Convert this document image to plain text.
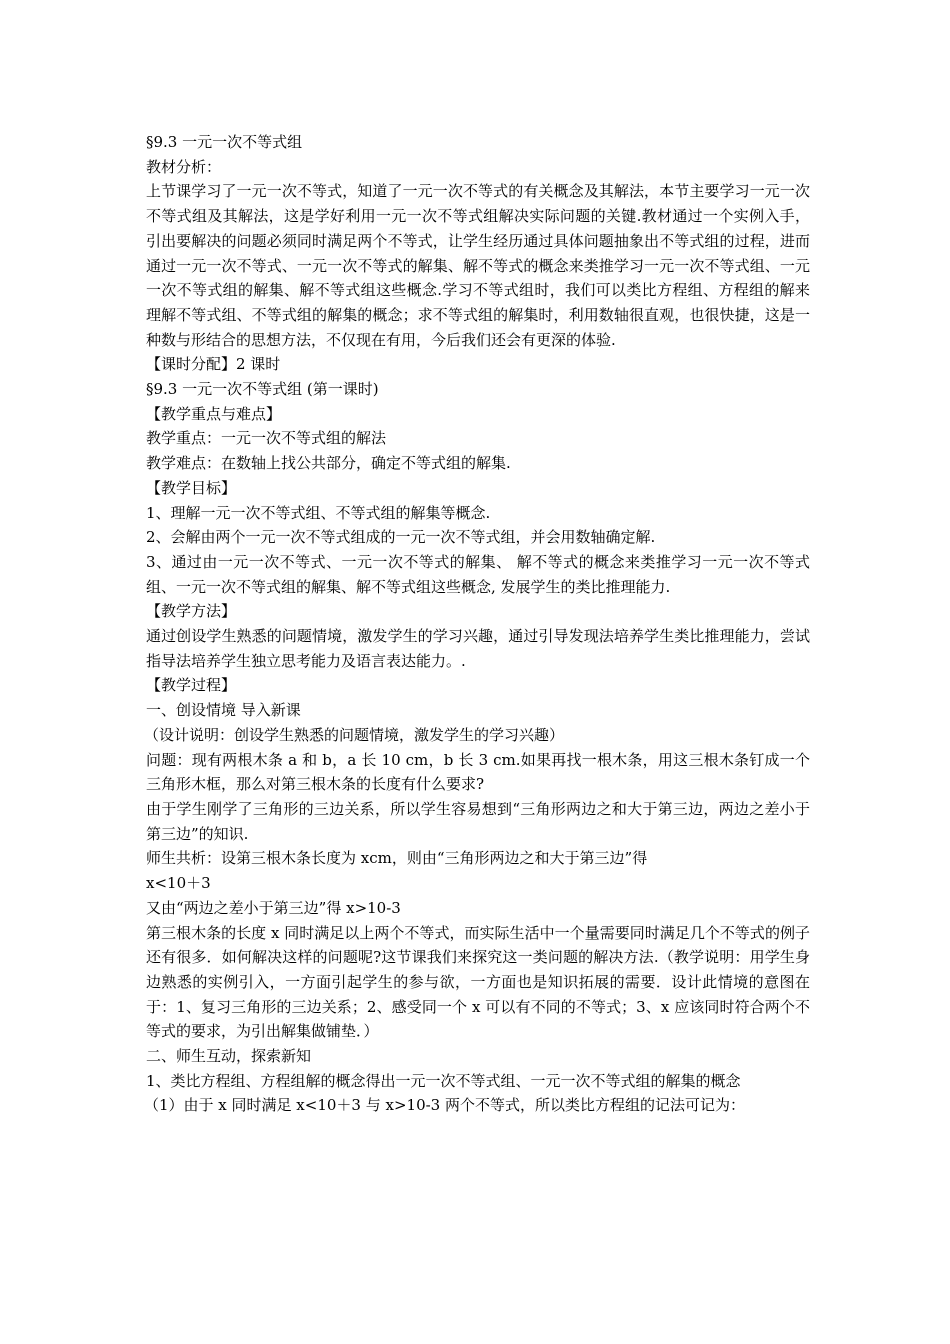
§9.3 一元一次不等式组

教材分析：

上节课学习了一元一次不等式，知道了一元一次不等式的有关概念及其解法，本节主要学习一元一次不等式组及其解法，这是学好利用一元一次不等式组解决实际问题的关键.教材通过一个实例入手，引出要解决的问题必须同时满足两个不等式，让学生经历通过具体问题抽象出不等式组的过程，进而通过一元一次不等式、一元一次不等式的解集、解不等式的概念来类推学习一元一次不等式组、一元一次不等式组的解集、解不等式组这些概念.学习不等式组时，我们可以类比方程组、方程组的解来理解不等式组、不等式组的解集的概念；求不等式组的解集时，利用数轴很直观，也很快捷，这是一种数与形结合的思想方法，不仅现在有用，今后我们还会有更深的体验.

【课时分配】2 课时

§9.3 一元一次不等式组 (第一课时)

【教学重点与难点】

教学重点：一元一次不等式组的解法

教学难点：在数轴上找公共部分，确定不等式组的解集.

【教学目标】

1、理解一元一次不等式组、不等式组的解集等概念.

2、会解由两个一元一次不等式组成的一元一次不等式组，并会用数轴确定解.

3、通过由一元一次不等式、一元一次不等式的解集、 解不等式的概念来类推学习一元一次不等式组、一元一次不等式组的解集、解不等式组这些概念, 发展学生的类比推理能力.

【教学方法】

通过创设学生熟悉的问题情境，激发学生的学习兴趣，通过引导发现法培养学生类比推理能力，尝试指导法培养学生独立思考能力及语言表达能力。.

【教学过程】

一、创设情境 导入新课

（设计说明：创设学生熟悉的问题情境，激发学生的学习兴趣）

问题：现有两根木条 a 和 b，a 长 10 cm，b 长 3 cm.如果再找一根木条，用这三根木条钉成一个三角形木框，那么对第三根木条的长度有什么要求?

由于学生刚学了三角形的三边关系，所以学生容易想到“三角形两边之和大于第三边，两边之差小于第三边”的知识.

师生共析：设第三根木条长度为 xcm，则由“三角形两边之和大于第三边”得

x<10＋3

又由“两边之差小于第三边”得 x>10-3

第三根木条的长度 x 同时满足以上两个不等式，而实际生活中一个量需要同时满足几个不等式的例子还有很多．如何解决这样的问题呢?这节课我们来探究这一类问题的解决方法.（教学说明：用学生身边熟悉的实例引入，一方面引起学生的参与欲，一方面也是知识拓展的需要．设计此情境的意图在于：1、复习三角形的三边关系；2、感受同一个 x 可以有不同的不等式；3、x 应该同时符合两个不等式的要求，为引出解集做铺垫．）

二、师生互动，探索新知

1、类比方程组、方程组解的概念得出一元一次不等式组、一元一次不等式组的解集的概念

（1）由于 x 同时满足 x<10＋3 与 x>10-3 两个不等式，所以类比方程组的记法可记为：
